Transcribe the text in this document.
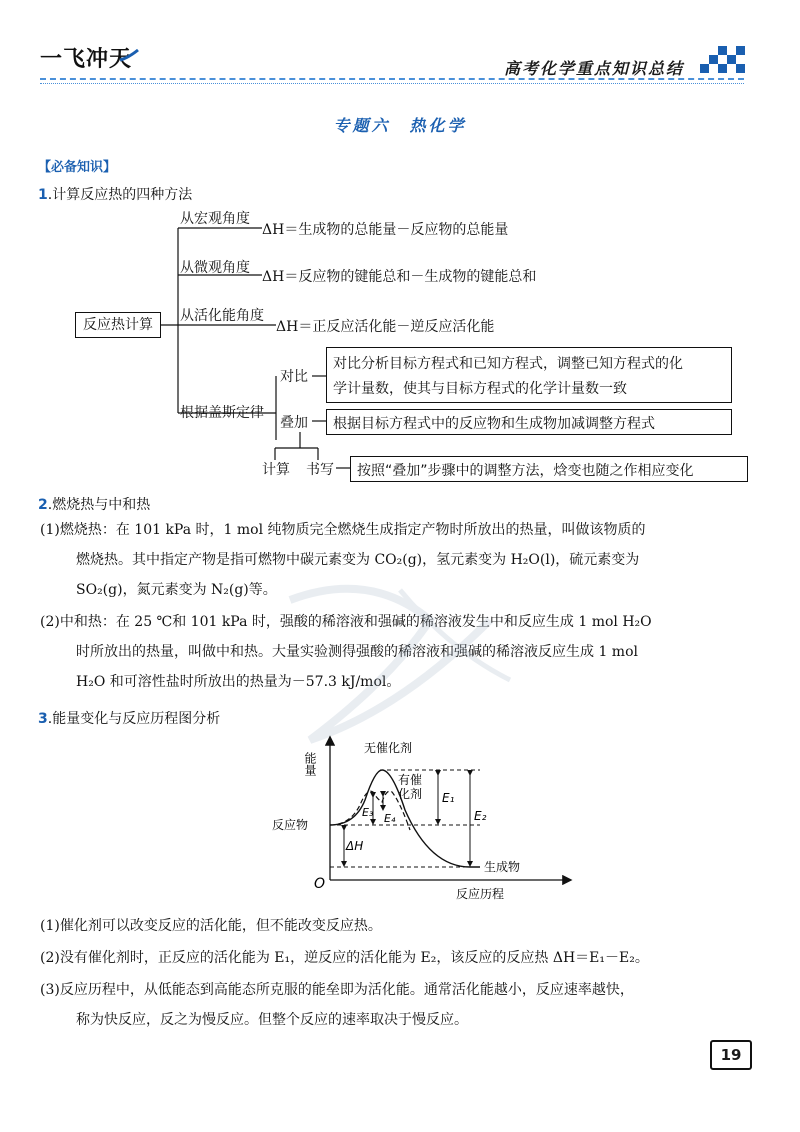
一飞冲天	高考化学重点知识总结
专题六　热化学
【必备知识】
1.计算反应热的四种方法
反应热计算
从宏观角度
ΔH＝生成物的总能量－反应物的总能量
从微观角度
ΔH＝反应物的键能总和－生成物的键能总和
从活化能角度
ΔH＝正反应活化能－逆反应活化能
根据盖斯定律
对比
对比分析目标方程式和已知方程式，调整已知方程式的化
学计量数，使其与目标方程式的化学计量数一致
叠加 根据目标方程式中的反应物和生成物加减调整方程式
计算 书写 按照“叠加”步骤中的调整方法，焓变也随之作相应变化
2.燃烧热与中和热
(1)燃烧热：在 101 kPa 时，1 mol 纯物质完全燃烧生成指定产物时所放出的热量，叫做该物质的
燃烧热。其中指定产物是指可燃物中碳元素变为 CO₂(g)，氢元素变为 H₂O(l)，硫元素变为
SO₂(g)，氮元素变为 N₂(g)等。
(2)中和热：在 25 ℃和 101 kPa 时，强酸的稀溶液和强碱的稀溶液发生中和反应生成 1 mol H₂O
时所放出的热量，叫做中和热。大量实验测得强酸的稀溶液和强碱的稀溶液反应生成 1 mol
H₂O 和可溶性盐时所放出的热量为－57.3 kJ/mol。
3.能量变化与反应历程图分析
能量
反应历程
O
无催化剂
有催
化剂
反应物
生成物
ΔH
E₁
E₂
E₃ E₄
(1)催化剂可以改变反应的活化能，但不能改变反应热。
(2)没有催化剂时，正反应的活化能为 E₁，逆反应的活化能为 E₂，该反应的反应热 ΔH＝E₁－E₂。
(3)反应历程中，从低能态到高能态所克服的能垒即为活化能。通常活化能越小，反应速率越快，
称为快反应，反之为慢反应。但整个反应的速率取决于慢反应。
19
